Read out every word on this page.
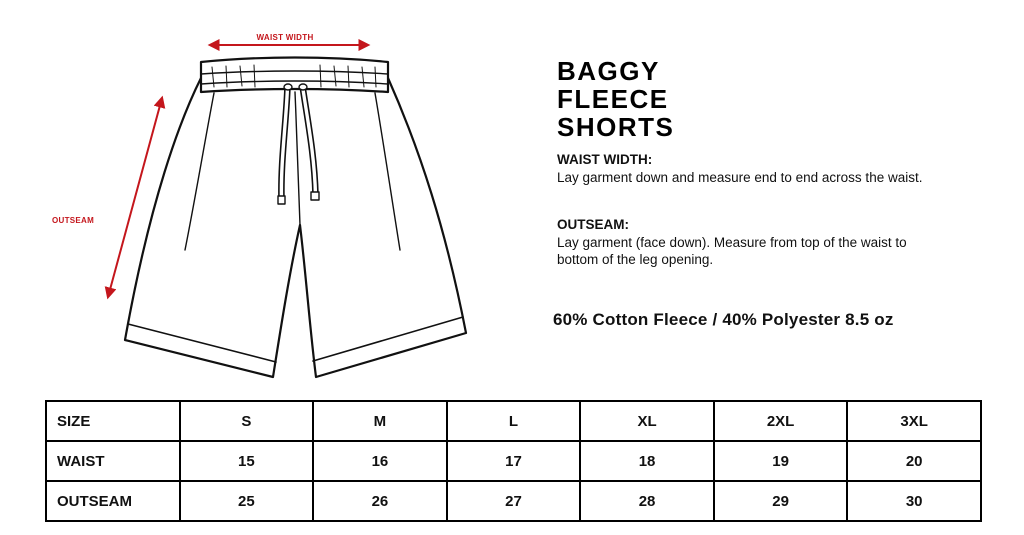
WAIST WIDTH
OUTSEAM
BAGGY
FLEECE
SHORTS

WAIST WIDTH:

Lay garment down and measure end to end across the waist.

OUTSEAM:

Lay garment (face down). Measure from top of the waist to bottom of the leg opening.

60% Cotton Fleece / 40% Polyester 8.5 oz

SIZE	S	M	L	XL	2XL	3XL
WAIST	15	16	17	18	19	20
OUTSEAM	25	26	27	28	29	30
